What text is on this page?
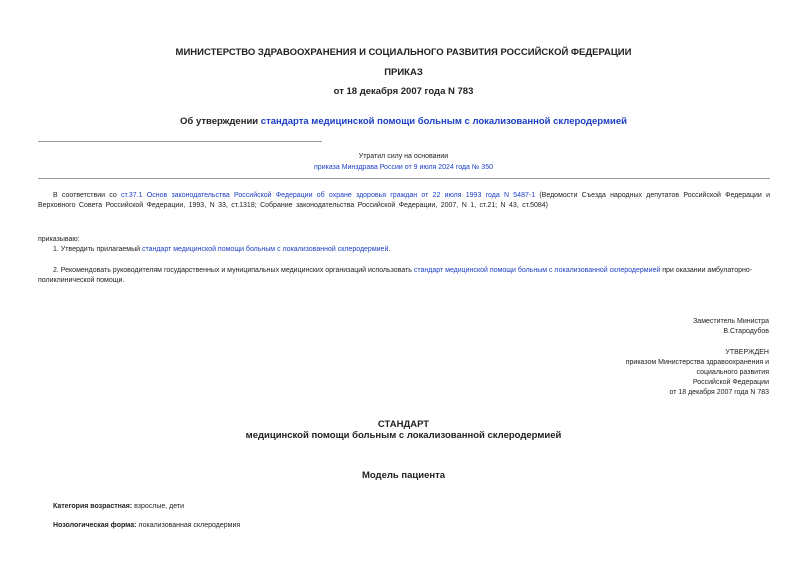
МИНИСТЕРСТВО ЗДРАВООХРАНЕНИЯ И СОЦИАЛЬНОГО РАЗВИТИЯ РОССИЙСКОЙ ФЕДЕРАЦИИ
ПРИКАЗ
от 18 декабря 2007 года N 783
Об утверждении стандарта медицинской помощи больным с локализованной склеродермией
Утратил силу на основании
приказа Минздрава России от 9 июля 2024 года № 350
В соответствии со ст.37.1 Основ законодательства Российской Федерации об охране здоровья граждан от 22 июля 1993 года N 5487-1 (Ведомости Съезда народных депутатов Российской Федерации и Верховного Совета Российской Федерации, 1993, N 33, ст.1318; Собрание законодательства Российской Федерации, 2007, N 1, ст.21; N 43, ст.5084)
приказываю:
1. Утвердить прилагаемый стандарт медицинской помощи больным с локализованной склеродермией.
2. Рекомендовать руководителям государственных и муниципальных медицинских организаций использовать стандарт медицинской помощи больным с локализованной склеродермией при оказании амбулаторно-поликлинической помощи.
Заместитель Министра
В.Стародубов
УТВЕРЖДЕН
приказом Министерства здравоохранения и
социального развития
Российской Федерации
от 18 декабря 2007 года N 783
СТАНДАРТ
медицинской помощи больным с локализованной склеродермией
Модель пациента
Категория возрастная: взрослые, дети
Нозологическая форма: локализованная склеродермия
